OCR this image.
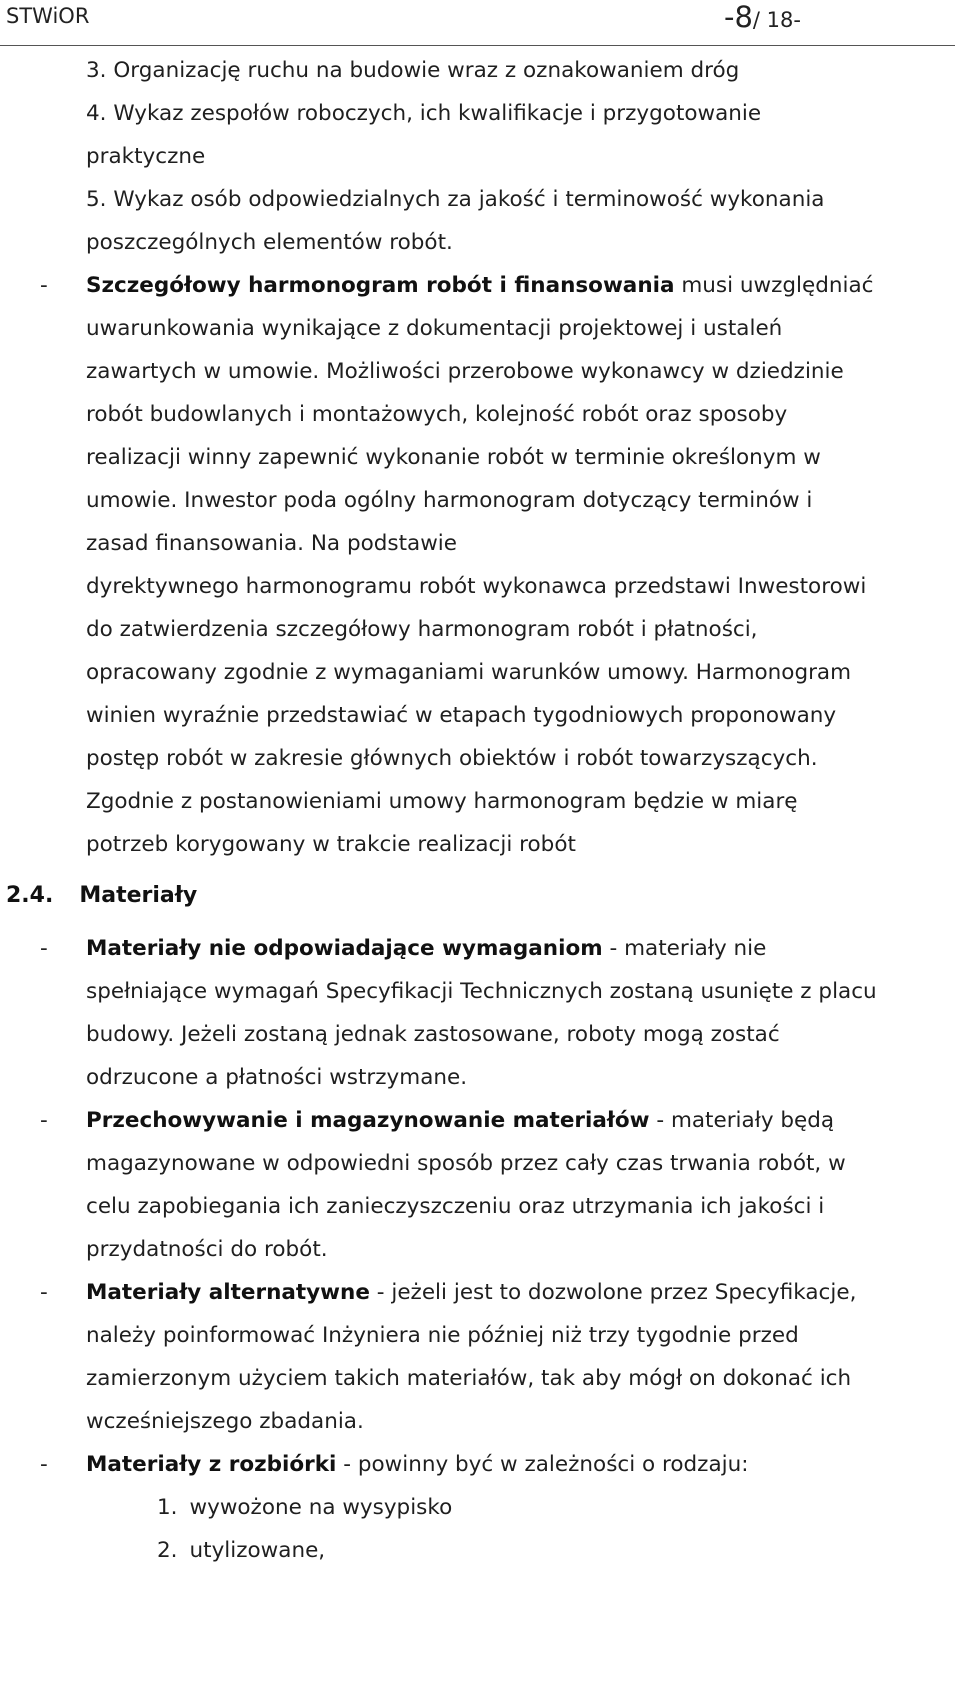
STWiOR	-8/ 18-
3. Organizację ruchu na budowie wraz z oznakowaniem dróg
4. Wykaz zespołów roboczych, ich kwalifikacje i przygotowanie
praktyczne
5. Wykaz osób odpowiedzialnych za jakość i terminowość wykonania
poszczególnych elementów robót.
- Szczegółowy harmonogram robót i finansowania musi uwzględniać
uwarunkowania wynikające z dokumentacji projektowej i ustaleń
zawartych w umowie. Możliwości przerobowe wykonawcy w dziedzinie
robót budowlanych i montażowych, kolejność robót oraz sposoby
realizacji winny zapewnić wykonanie robót w terminie określonym w
umowie. Inwestor poda ogólny harmonogram dotyczący terminów i
zasad finansowania. Na podstawie
dyrektywnego harmonogramu robót wykonawca przedstawi Inwestorowi
do zatwierdzenia szczegółowy harmonogram robót i płatności,
opracowany zgodnie z wymaganiami warunków umowy. Harmonogram
winien wyraźnie przedstawiać w etapach tygodniowych proponowany
postęp robót w zakresie głównych obiektów i robót towarzyszących.
Zgodnie z postanowieniami umowy harmonogram będzie w miarę
potrzeb korygowany w trakcie realizacji robót
2.4. Materiały
- Materiały nie odpowiadające wymaganiom - materiały nie
spełniające wymagań Specyfikacji Technicznych zostaną usunięte z placu
budowy. Jeżeli zostaną jednak zastosowane, roboty mogą zostać
odrzucone a płatności wstrzymane.
- Przechowywanie i magazynowanie materiałów - materiały będą
magazynowane w odpowiedni sposób przez cały czas trwania robót, w
celu zapobiegania ich zanieczyszczeniu oraz utrzymania ich jakości i
przydatności do robót.
- Materiały alternatywne - jeżeli jest to dozwolone przez Specyfikacje,
należy poinformować Inżyniera nie później niż trzy tygodnie przed
zamierzonym użyciem takich materiałów, tak aby mógł on dokonać ich
wcześniejszego zbadania.
- Materiały z rozbiórki - powinny być w zależności o rodzaju:
1. wywożone na wysypisko
2. utylizowane,
